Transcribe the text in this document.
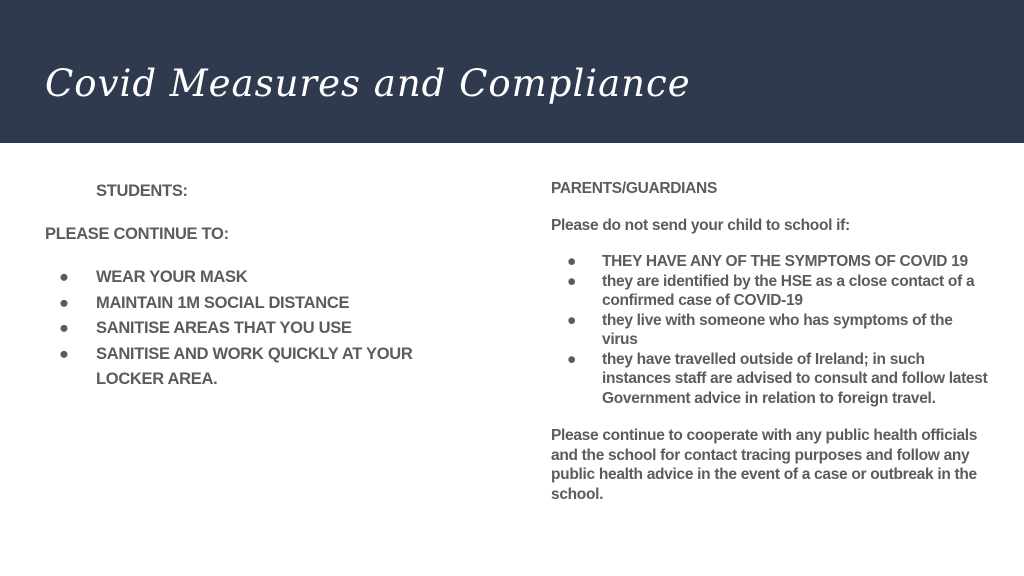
Covid Measures and Compliance

STUDENTS:

PLEASE CONTINUE TO:

● WEAR YOUR MASK
● MAINTAIN 1M SOCIAL DISTANCE
● SANITISE AREAS THAT YOU USE
● SANITISE AND WORK QUICKLY AT YOUR LOCKER AREA.

PARENTS/GUARDIANS

Please do not send your child to school if:

● THEY HAVE ANY OF THE SYMPTOMS OF COVID 19
● they are identified by the HSE as a close contact of a confirmed case of COVID-19
● they live with someone who has symptoms of the virus
● they have travelled outside of Ireland; in such instances staff are advised to consult and follow latest Government advice in relation to foreign travel.

Please continue to cooperate with any public health officials and the school for contact tracing purposes and follow any public health advice in the event of a case or outbreak in the school.
